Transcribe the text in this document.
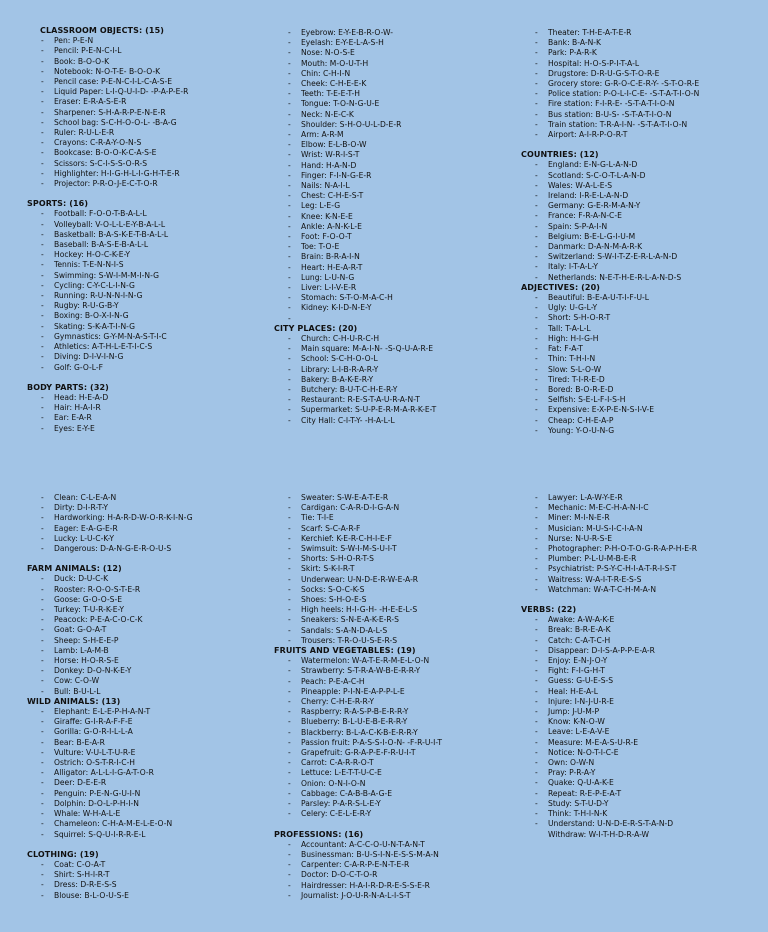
CLASSROOM OBJECTS: (15)
- Pen: P-E-N
- Pencil: P-E-N-C-I-L
- Book: B-O-O-K
- Notebook: N-O-T-E- B-O-O-K
- Pencil case: P-E-N-C-I-L-C-A-S-E
- Liquid Paper: L-I-Q-U-I-D- -P-A-P-E-R
- Eraser: E-R-A-S-E-R
- Sharpener: S-H-A-R-P-E-N-E-R
- School bag: S-C-H-O-O-L- -B-A-G
- Ruler: R-U-L-E-R
- Crayons: C-R-A-Y-O-N-S
- Bookcase: B-O-O-K-C-A-S-E
- Scissors: S-C-I-S-S-O-R-S
- Highlighter: H-I-G-H-L-I-G-H-T-E-R
- Projector: P-R-O-J-E-C-T-O-R
SPORTS: (16)
- Football: F-O-O-T-B-A-L-L
- Volleyball: V-O-L-L-E-Y-B-A-L-L
- Basketball: B-A-S-K-E-T-B-A-L-L
- Baseball: B-A-S-E-B-A-L-L
- Hockey: H-O-C-K-E-Y
- Tennis: T-E-N-N-I-S
- Swimming: S-W-I-M-M-I-N-G
- Cycling: C-Y-C-L-I-N-G
- Running: R-U-N-N-I-N-G
- Rugby: R-U-G-B-Y
- Boxing: B-O-X-I-N-G
- Skating: S-K-A-T-I-N-G
- Gymnastics: G-Y-M-N-A-S-T-I-C
- Athletics: A-T-H-L-E-T-I-C-S
- Diving: D-I-V-I-N-G
- Golf: G-O-L-F
BODY PARTS: (32)
- Head: H-E-A-D
- Hair: H-A-I-R
- Ear: E-A-R
- Eyes: E-Y-E
- Eyebrow: E-Y-E-B-R-O-W-
- Eyelash: E-Y-E-L-A-S-H
- Nose: N-O-S-E
- Mouth: M-O-U-T-H
- Chin: C-H-I-N
- Cheek: C-H-E-E-K
- Teeth: T-E-E-T-H
- Tongue: T-O-N-G-U-E
- Neck: N-E-C-K
- Shoulder: S-H-O-U-L-D-E-R
- Arm: A-R-M
- Elbow: E-L-B-O-W
- Wrist: W-R-I-S-T
- Hand: H-A-N-D
- Finger: F-I-N-G-E-R
- Nails: N-A-I-L
- Chest: C-H-E-S-T
- Leg: L-E-G
- Knee: K-N-E-E
- Ankle: A-N-K-L-E
- Foot: F-O-O-T
- Toe: T-O-E
- Brain: B-R-A-I-N
- Heart: H-E-A-R-T
- Lung: L-U-N-G
- Liver: L-I-V-E-R
- Stomach: S-T-O-M-A-C-H
- Kidney: K-I-D-N-E-Y
-
CITY PLACES: (20)
- Church: C-H-U-R-C-H
- Main square: M-A-I-N- -S-Q-U-A-R-E
- School: S-C-H-O-O-L
- Library: L-I-B-R-A-R-Y
- Bakery: B-A-K-E-R-Y
- Butchery: B-U-T-C-H-E-R-Y
- Restaurant: R-E-S-T-A-U-R-A-N-T
- Supermarket: S-U-P-E-R-M-A-R-K-E-T
- City Hall: C-I-T-Y- -H-A-L-L
- Theater: T-H-E-A-T-E-R
- Bank: B-A-N-K
- Park: P-A-R-K
- Hospital: H-O-S-P-I-T-A-L
- Drugstore: D-R-U-G-S-T-O-R-E
- Grocery store: G-R-O-C-E-R-Y- -S-T-O-R-E
- Police station: P-O-L-I-C-E- -S-T-A-T-I-O-N
- Fire station: F-I-R-E- -S-T-A-T-I-O-N
- Bus station: B-U-S- -S-T-A-T-I-O-N
- Train station: T-R-A-I-N- -S-T-A-T-I-O-N
- Airport: A-I-R-P-O-R-T
COUNTRIES: (12)
- England: E-N-G-L-A-N-D
- Scotland: S-C-O-T-L-A-N-D
- Wales: W-A-L-E-S
- Ireland: I-R-E-L-A-N-D
- Germany: G-E-R-M-A-N-Y
- France: F-R-A-N-C-E
- Spain: S-P-A-I-N
- Belgium: B-E-L-G-I-U-M
- Danmark: D-A-N-M-A-R-K
- Switzerland: S-W-I-T-Z-E-R-L-A-N-D
- Italy: I-T-A-L-Y
- Netherlands: N-E-T-H-E-R-L-A-N-D-S
ADJECTIVES: (20)
- Beautiful: B-E-A-U-T-I-F-U-L
- Ugly: U-G-L-Y
- Short: S-H-O-R-T
- Tall: T-A-L-L
- High: H-I-G-H
- Fat: F-A-T
- Thin: T-H-I-N
- Slow: S-L-O-W
- Tired: T-I-R-E-D
- Bored: B-O-R-E-D
- Selfish: S-E-L-F-I-S-H
- Expensive: E-X-P-E-N-S-I-V-E
- Cheap: C-H-E-A-P
- Young: Y-O-U-N-G
- Clean: C-L-E-A-N
- Dirty: D-I-R-T-Y
- Hardworking: H-A-R-D-W-O-R-K-I-N-G
- Eager: E-A-G-E-R
- Lucky: L-U-C-K-Y
- Dangerous: D-A-N-G-E-R-O-U-S
FARM ANIMALS: (12)
- Duck: D-U-C-K
- Rooster: R-O-O-S-T-E-R
- Goose: G-O-O-S-E
- Turkey: T-U-R-K-E-Y
- Peacock: P-E-A-C-O-C-K
- Goat: G-O-A-T
- Sheep: S-H-E-E-P
- Lamb: L-A-M-B
- Horse: H-O-R-S-E
- Donkey: D-O-N-K-E-Y
- Cow: C-O-W
- Bull: B-U-L-L
WILD ANIMALS: (13)
- Elephant: E-L-E-P-H-A-N-T
- Giraffe: G-I-R-A-F-F-E
- Gorilla: G-O-R-I-L-L-A
- Bear: B-E-A-R
- Vulture: V-U-L-T-U-R-E
- Ostrich: O-S-T-R-I-C-H
- Alligator: A-L-L-I-G-A-T-O-R
- Deer: D-E-E-R
- Penguin: P-E-N-G-U-I-N
- Dolphin: D-O-L-P-H-I-N
- Whale: W-H-A-L-E
- Chameleon: C-H-A-M-E-L-E-O-N
- Squirrel: S-Q-U-I-R-R-E-L
CLOTHING: (19)
- Coat: C-O-A-T
- Shirt: S-H-I-R-T
- Dress: D-R-E-S-S
- Blouse: B-L-O-U-S-E
- Sweater: S-W-E-A-T-E-R
- Cardigan: C-A-R-D-I-G-A-N
- Tie: T-I-E
- Scarf: S-C-A-R-F
- Kerchief: K-E-R-C-H-I-E-F
- Swimsuit: S-W-I-M-S-U-I-T
- Shorts: S-H-O-R-T-S
- Skirt: S-K-I-R-T
- Underwear: U-N-D-E-R-W-E-A-R
- Socks: S-O-C-K-S
- Shoes: S-H-O-E-S
- High heels: H-I-G-H- -H-E-E-L-S
- Sneakers: S-N-E-A-K-E-R-S
- Sandals: S-A-N-D-A-L-S
- Trousers: T-R-O-U-S-E-R-S
FRUITS AND VEGETABLES: (19)
- Watermelon: W-A-T-E-R-M-E-L-O-N
- Strawberry: S-T-R-A-W-B-E-R-R-Y
- Peach: P-E-A-C-H
- Pineapple: P-I-N-E-A-P-P-L-E
- Cherry: C-H-E-R-R-Y
- Raspberry: R-A-S-P-B-E-R-R-Y
- Blueberry: B-L-U-E-B-E-R-R-Y
- Blackberry: B-L-A-C-K-B-E-R-R-Y
- Passion fruit: P-A-S-S-I-O-N- -F-R-U-I-T
- Grapefruit: G-R-A-P-E-F-R-U-I-T
- Carrot: C-A-R-R-O-T
- Lettuce: L-E-T-T-U-C-E
- Onion: O-N-I-O-N
- Cabbage: C-A-B-B-A-G-E
- Parsley: P-A-R-S-L-E-Y
- Celery: C-E-L-E-R-Y
PROFESSIONS: (16)
- Accountant: A-C-C-O-U-N-T-A-N-T
- Businessman: B-U-S-I-N-E-S-S-M-A-N
- Carpenter: C-A-R-P-E-N-T-E-R
- Doctor: D-O-C-T-O-R
- Hairdresser: H-A-I-R-D-R-E-S-S-E-R
- Journalist: J-O-U-R-N-A-L-I-S-T
- Lawyer: L-A-W-Y-E-R
- Mechanic: M-E-C-H-A-N-I-C
- Miner: M-I-N-E-R
- Musician: M-U-S-I-C-I-A-N
- Nurse: N-U-R-S-E
- Photographer: P-H-O-T-O-G-R-A-P-H-E-R
- Plumber: P-L-U-M-B-E-R
- Psychiatrist: P-S-Y-C-H-I-A-T-R-I-S-T
- Waitress: W-A-I-T-R-E-S-S
- Watchman: W-A-T-C-H-M-A-N
VERBS: (22)
- Awake: A-W-A-K-E
- Break: B-R-E-A-K
- Catch: C-A-T-C-H
- Disappear: D-I-S-A-P-P-E-A-R
- Enjoy: E-N-J-O-Y
- Fight: F-I-G-H-T
- Guess: G-U-E-S-S
- Heal: H-E-A-L
- Injure: I-N-J-U-R-E
- Jump: J-U-M-P
- Know: K-N-O-W
- Leave: L-E-A-V-E
- Measure: M-E-A-S-U-R-E
- Notice: N-O-T-I-C-E
- Own: O-W-N
- Pray: P-R-A-Y
- Quake: Q-U-A-K-E
- Repeat: R-E-P-E-A-T
- Study: S-T-U-D-Y
- Think: T-H-I-N-K
- Understand: U-N-D-E-R-S-T-A-N-D
Withdraw: W-I-T-H-D-R-A-W
